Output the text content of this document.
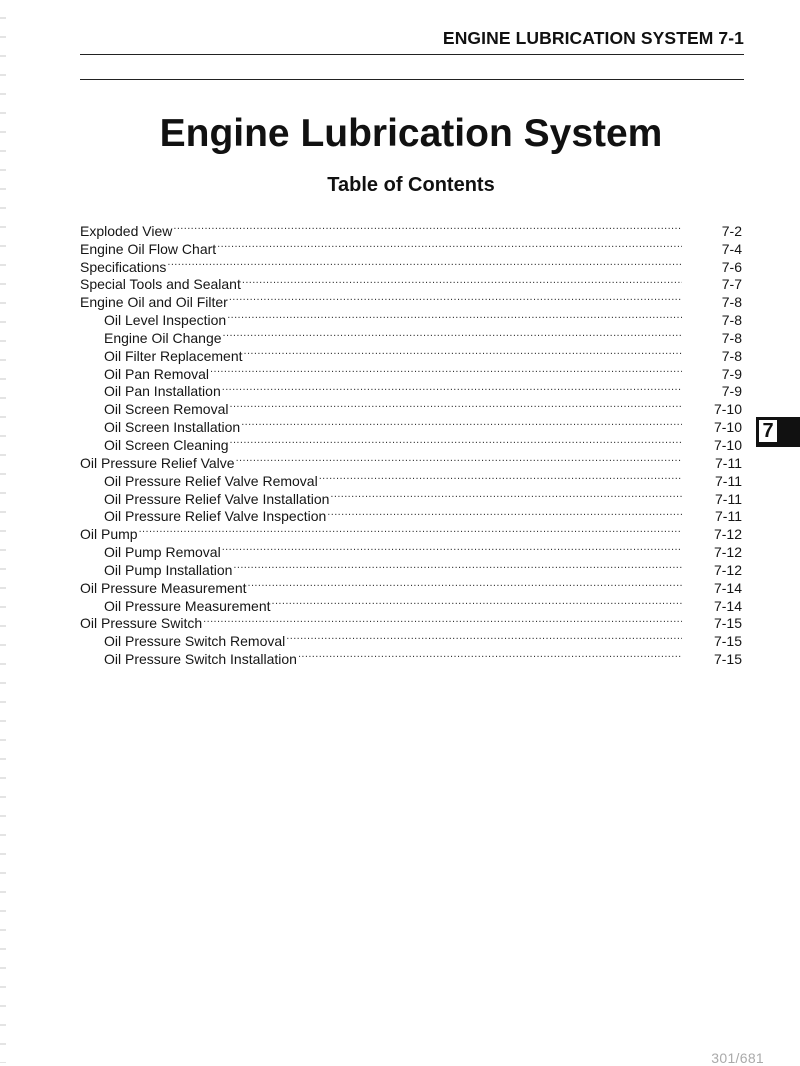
ENGINE LUBRICATION SYSTEM 7-1
Engine Lubrication System
Table of Contents
Exploded View .....	7-2
Engine Oil Flow Chart .....	7-4
Specifications .....	7-6
Special Tools and Sealant .....	7-7
Engine Oil and Oil Filter .....	7-8
Oil Level Inspection .....	7-8
Engine Oil Change .....	7-8
Oil Filter Replacement .....	7-8
Oil Pan Removal .....	7-9
Oil Pan Installation .....	7-9
Oil Screen Removal .....	7-10
Oil Screen Installation .....	7-10
Oil Screen Cleaning .....	7-10
Oil Pressure Relief Valve .....	7-11
Oil Pressure Relief Valve Removal .....	7-11
Oil Pressure Relief Valve Installation .....	7-11
Oil Pressure Relief Valve Inspection .....	7-11
Oil Pump .....	7-12
Oil Pump Removal .....	7-12
Oil Pump Installation .....	7-12
Oil Pressure Measurement .....	7-14
Oil Pressure Measurement .....	7-14
Oil Pressure Switch .....	7-15
Oil Pressure Switch Removal .....	7-15
Oil Pressure Switch Installation .....	7-15
7
301/681
